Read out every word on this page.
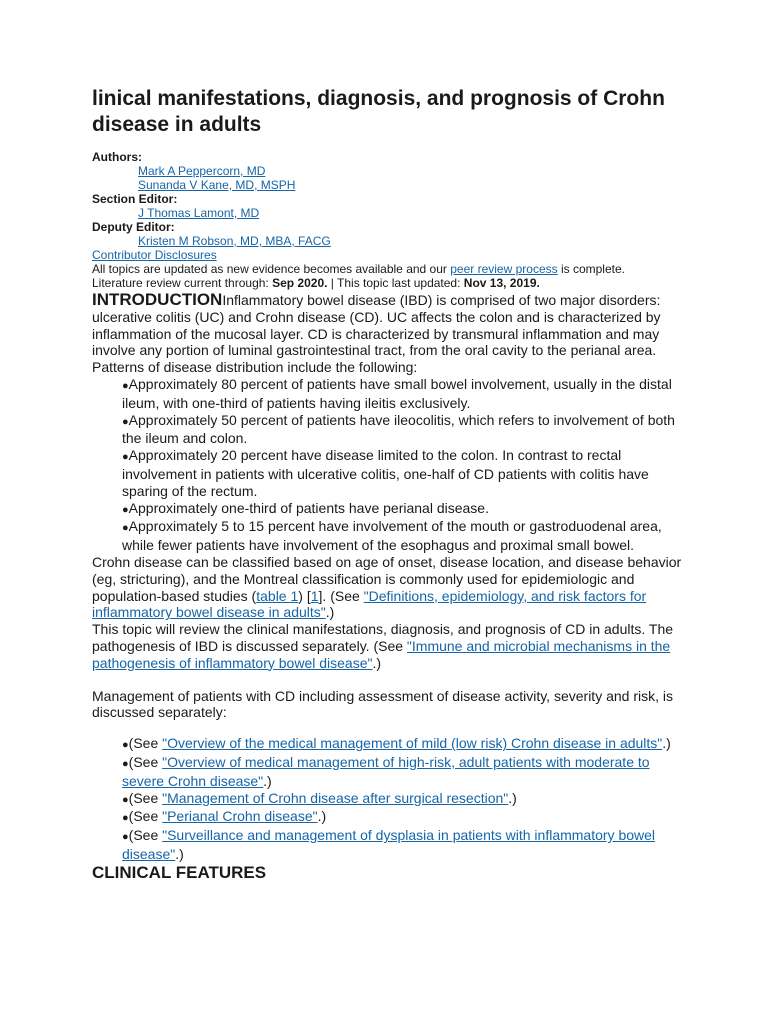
linical manifestations, diagnosis, and prognosis of Crohn disease in adults
Authors:
Mark A Peppercorn, MD
Sunanda V Kane, MD, MSPH
Section Editor:
J Thomas Lamont, MD
Deputy Editor:
Kristen M Robson, MD, MBA, FACG
Contributor Disclosures

All topics are updated as new evidence becomes available and our peer review process is complete.

Literature review current through: Sep 2020. | This topic last updated: Nov 13, 2019.

INTRODUCTIONInflammatory bowel disease (IBD) is comprised of two major disorders: ulcerative colitis (UC) and Crohn disease (CD). UC affects the colon and is characterized by inflammation of the mucosal layer. CD is characterized by transmural inflammation and may involve any portion of luminal gastrointestinal tract, from the oral cavity to the perianal area. Patterns of disease distribution include the following:

●Approximately 80 percent of patients have small bowel involvement, usually in the distal ileum, with one-third of patients having ileitis exclusively.
●Approximately 50 percent of patients have ileocolitis, which refers to involvement of both the ileum and colon.
●Approximately 20 percent have disease limited to the colon. In contrast to rectal involvement in patients with ulcerative colitis, one-half of CD patients with colitis have sparing of the rectum.
●Approximately one-third of patients have perianal disease.
●Approximately 5 to 15 percent have involvement of the mouth or gastroduodenal area, while fewer patients have involvement of the esophagus and proximal small bowel.

Crohn disease can be classified based on age of onset, disease location, and disease behavior (eg, stricturing), and the Montreal classification is commonly used for epidemiologic and population-based studies (table 1) [1]. (See "Definitions, epidemiology, and risk factors for inflammatory bowel disease in adults".)

This topic will review the clinical manifestations, diagnosis, and prognosis of CD in adults. The pathogenesis of IBD is discussed separately. (See "Immune and microbial mechanisms in the pathogenesis of inflammatory bowel disease".)

Management of patients with CD including assessment of disease activity, severity and risk, is discussed separately:

●(See "Overview of the medical management of mild (low risk) Crohn disease in adults".)
●(See "Overview of medical management of high-risk, adult patients with moderate to severe Crohn disease".)
●(See "Management of Crohn disease after surgical resection".)
●(See "Perianal Crohn disease".)
●(See "Surveillance and management of dysplasia in patients with inflammatory bowel disease".)
CLINICAL FEATURES
